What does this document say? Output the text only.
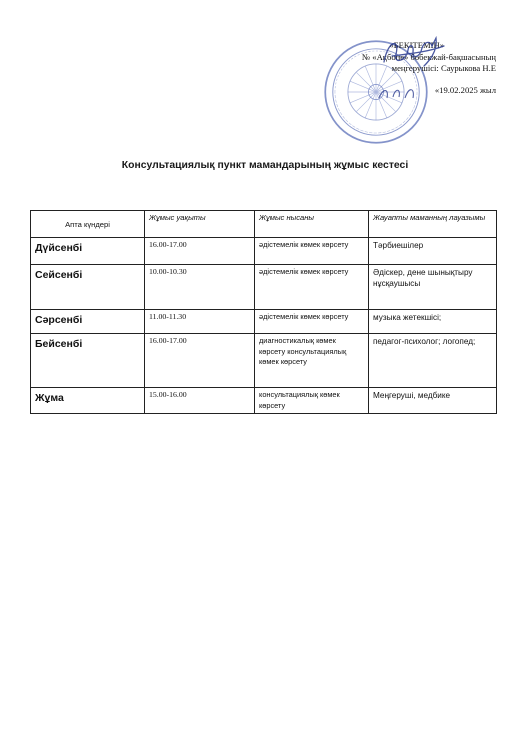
«БЕКІТЕМІН»
№ «Ақбопе» бөбекжай-бақшасының
меңгерушісі: Саурыкова Н.Е
«19.02.2025 жыл
Консультациялық пункт мамандарының жұмыс кестесі
Апта күндері	Жұмыс уақыты	Жұмыс нысаны	Жауапты маманның лауазымы
Дүйсенбі	16.00-17.00	әдістемелік көмек көрсету	Тәрбиешілер
Сейсенбі	10.00-10.30	әдістемелік көмек көрсету	Әдіскер, дене шынықтыру нұсқаушысы
Сәрсенбі	11.00-11.30	әдістемелік көмек көрсету	музыка жетекшісі;
Бейсенбі	16.00-17.00	диагностикалық көмек көрсету консультациялық көмек көрсету	педагог-психолог; логопед;
Жұма	15.00-16.00	консультациялық көмек көрсету	Меңгеруші, медбике
